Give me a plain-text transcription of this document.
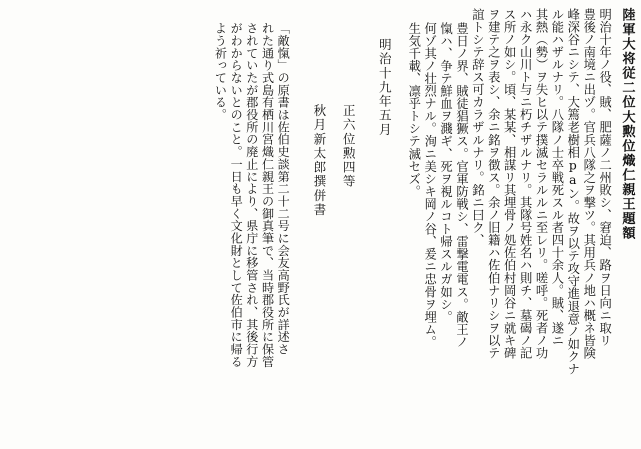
陸軍大将従二位大勲位熾仁親王題額
明治十年ノ役、賊、肥薩ノ二州敗シ、窘迫、路ヲ日向ニ取リ
豊後ノ南境ニ出ヅ。官兵八隊之ヲ撃ツ。其用兵ノ地ハ概ネ皆険
峰深谷ニシテ、大篶老樹相раン。故ヲ以テ攻守進退意ノ如クナ
ル能ハザルナリ。八隊ノ士卒戦死スル者四十余人。賊、遂ニ
其熱（勢）ヲ失ヒ以テ撲滅セラルルニ至レリ。嗟呼。死者ノ功
ハ永ク山川ト与ニ朽チザルナリ。其隊号姓名ハ則チ、墓碣ノ記
ス所ノ如シ。頃、某某、相謀リ其埋骨ノ処佐伯村岡谷ニ就キ碑
ヲ建テ之ヲ表シ、余ニ銘ヲ徴ス。余ノ旧籍ハ佐伯ナリシヲ以テ
誼トシテ辞ス可カラザルナリ。銘ニ曰ク、
豊日ノ界、賊徒猖獗ス。官軍防戦シ、雷撃電電ス。敵王ノ
愾ハ、争テ鮮血ヲ濺ギ、死ヲ視ルコト帰スルガ如シ。
何ゾ其ノ壮烈ナル。洵ニ美シキ岡ノ谷、爰ニ忠骨ヲ埋ム。
生気千載、凛乎トシテ滅セズ。
明治十九年五月
正六位勲四等
秋月新太郎撰併書
「敵愾」の原書は佐伯史談第二十二号に会友高野氏が詳述さ
れた通り式島有栖川宮熾仁親王の御真筆で、当時郡役所に保管
されていたが郡役所の廃止により、県庁に移管され、其後行方
がわからないとのこと。一日も早く文化財として佐伯市に帰る
よう祈っている。
